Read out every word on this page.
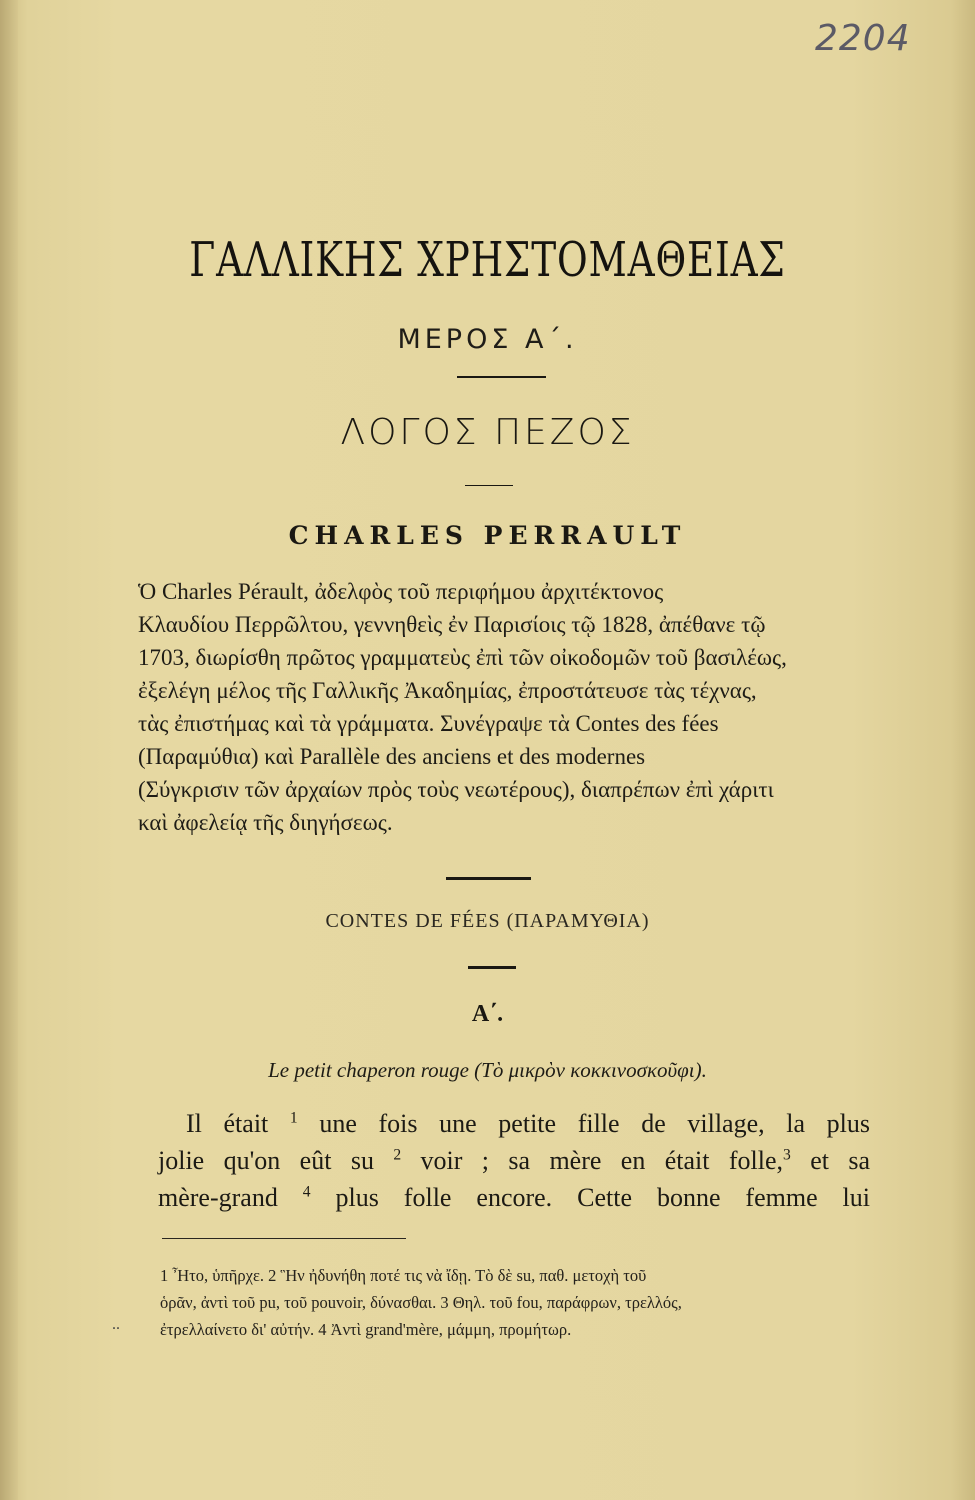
2204
ΓΑΛΛΙΚΗΣ ΧΡΗΣΤΟΜΑΘΕΙΑΣ
ΜΕΡΟΣ Α΄.
ΛΟΓΟΣ ΠΕΖΟΣ
CHARLES PERRAULT

Ὁ Charles Pérault, ἀδελφὸς τοῦ περιφήμου ἀρχιτέκτονος

Κλαυδίου Περρῶλτου, γεννηθεὶς ἐν Παρισίοις τῷ 1828, ἀπέθανε τῷ

1703, διωρίσθη πρῶτος γραμματεὺς ἐπὶ τῶν οἰκοδομῶν τοῦ βασιλέως,

ἐξελέγη μέλος τῆς Γαλλικῆς Ἀκαδημίας, ἐπροστάτευσε τὰς τέχνας,

τὰς ἐπιστήμας καὶ τὰ γράμματα. Συνέγραψε τὰ Contes des fées

(Παραμύθια) καὶ Parallèle des anciens et des modernes

(Σύγκρισιν τῶν ἀρχαίων πρὸς τοὺς νεωτέρους), διαπρέπων ἐπὶ χάριτι

καὶ ἀφελείᾳ τῆς διηγήσεως.

CONTES DE FÉES (ΠΑΡΑΜΥΘΙΑ)
Α΄.
Le petit chaperon rouge (Τὸ μικρὸν κοκκινοσκοῦφι).

Il était $^1$ une fois une petite fille de village, la plus

jolie qu'on eût su $^2$ voir ; sa mère en était folle,$^3$ et sa

mère-grand $^4$ plus folle encore. Cette bonne femme lui

..

1 Ἦτο, ὑπῆρχε. 2 Ἣν ἠδυνήθη ποτέ τις νὰ ἴδῃ. Τὸ δὲ su, παθ. μετοχὴ τοῦ

ὁρᾶν, ἀντὶ τοῦ pu, τοῦ pouvoir, δύνασθαι. 3 Θηλ. τοῦ fou, παράφρων, τρελλός,

ἐτρελλαίνετο δι' αὐτήν. 4 Ἀντὶ grand'mère, μάμμη, προμήτωρ.
